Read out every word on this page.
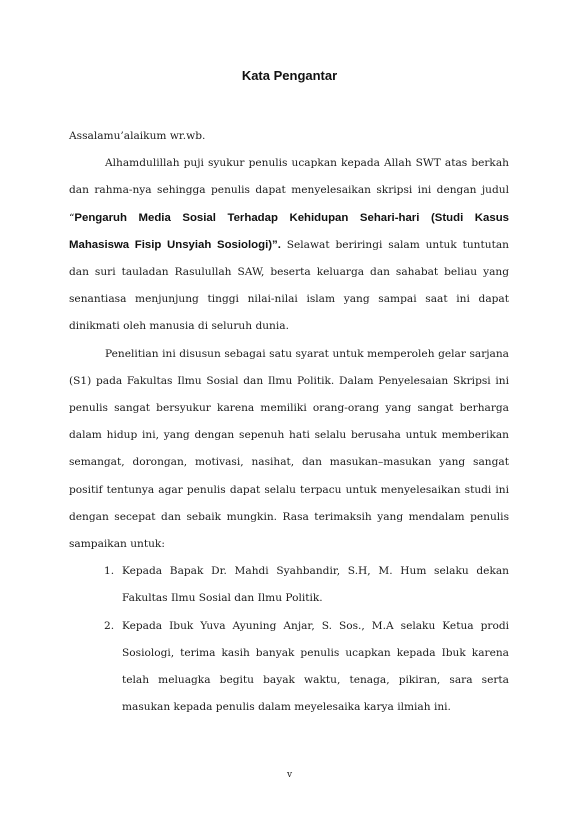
Kata Pengantar

Assalamu’alaikum wr.wb.

Alhamdulillah puji syukur penulis ucapkan kepada Allah SWT atas berkah dan rahma-nya sehingga penulis dapat menyelesaikan skripsi ini dengan judul “Pengaruh Media Sosial Terhadap Kehidupan Sehari-hari (Studi Kasus Mahasiswa Fisip Unsyiah Sosiologi)”. Selawat beriringi salam untuk tuntutan dan suri tauladan Rasulullah SAW, beserta keluarga dan sahabat beliau yang senantiasa menjunjung tinggi nilai-nilai islam yang sampai saat ini dapat dinikmati oleh manusia di seluruh dunia.

Penelitian ini disusun sebagai satu syarat untuk memperoleh gelar sarjana (S1) pada Fakultas Ilmu Sosial dan Ilmu Politik. Dalam Penyelesaian Skripsi ini penulis sangat bersyukur karena memiliki orang-orang yang sangat berharga dalam hidup ini, yang dengan sepenuh hati selalu berusaha untuk memberikan semangat, dorongan, motivasi, nasihat, dan masukan–masukan yang sangat positif tentunya agar penulis dapat selalu terpacu untuk menyelesaikan studi ini dengan secepat dan sebaik mungkin. Rasa terimaksih yang mendalam penulis sampaikan untuk:

1. Kepada Bapak Dr. Mahdi Syahbandir, S.H, M. Hum selaku dekan Fakultas Ilmu Sosial dan Ilmu Politik.
2. Kepada Ibuk Yuva Ayuning Anjar, S. Sos., M.A selaku Ketua prodi Sosiologi, terima kasih banyak penulis ucapkan kepada Ibuk karena telah meluagka begitu bayak waktu, tenaga, pikiran, sara serta masukan kepada penulis dalam meyelesaika karya ilmiah ini.
v
